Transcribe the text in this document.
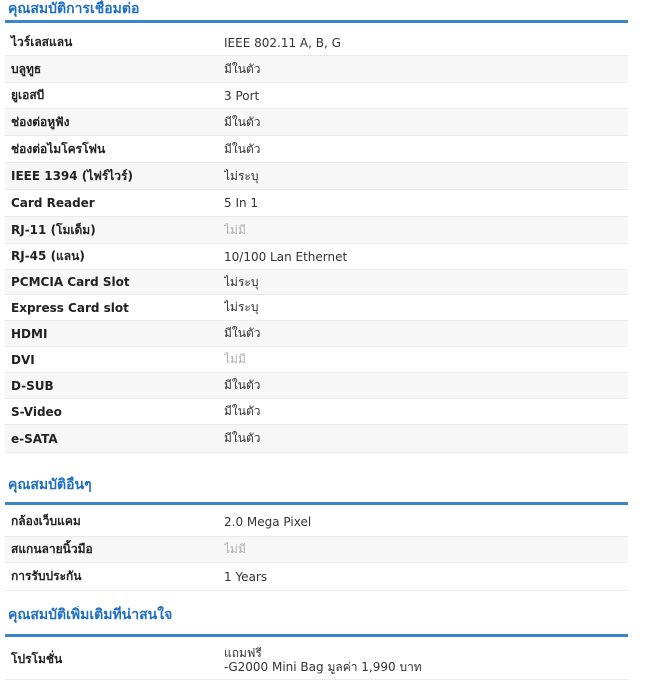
คุณสมบัติการเชื่อมต่อ
ไวร์เลสแลน	IEEE 802.11 A, B, G
บลูทูธ	มีในตัว
ยูเอสบี	3 Port
ช่องต่อหูฟัง	มีในตัว
ช่องต่อไมโครโฟน	มีในตัว
IEEE 1394 (ไฟร์ไวร์)	ไม่ระบุ
Card Reader	5 In 1
RJ-11 (โมเด็ม)	ไม่มี
RJ-45 (แลน)	10/100 Lan Ethernet
PCMCIA Card Slot	ไม่ระบุ
Express Card slot	ไม่ระบุ
HDMI	มีในตัว
DVI	ไม่มี
D-SUB	มีในตัว
S-Video	มีในตัว
e-SATA	มีในตัว
คุณสมบัติอื่นๆ
กล้องเว็บแคม	2.0 Mega Pixel
สแกนลายนิ้วมือ	ไม่มี
การรับประกัน	1 Years
คุณสมบัติเพิ่มเติมที่น่าสนใจ
โปรโมชั่น	แถมฟรี
-G2000 Mini Bag มูลค่า 1,990 บาท
